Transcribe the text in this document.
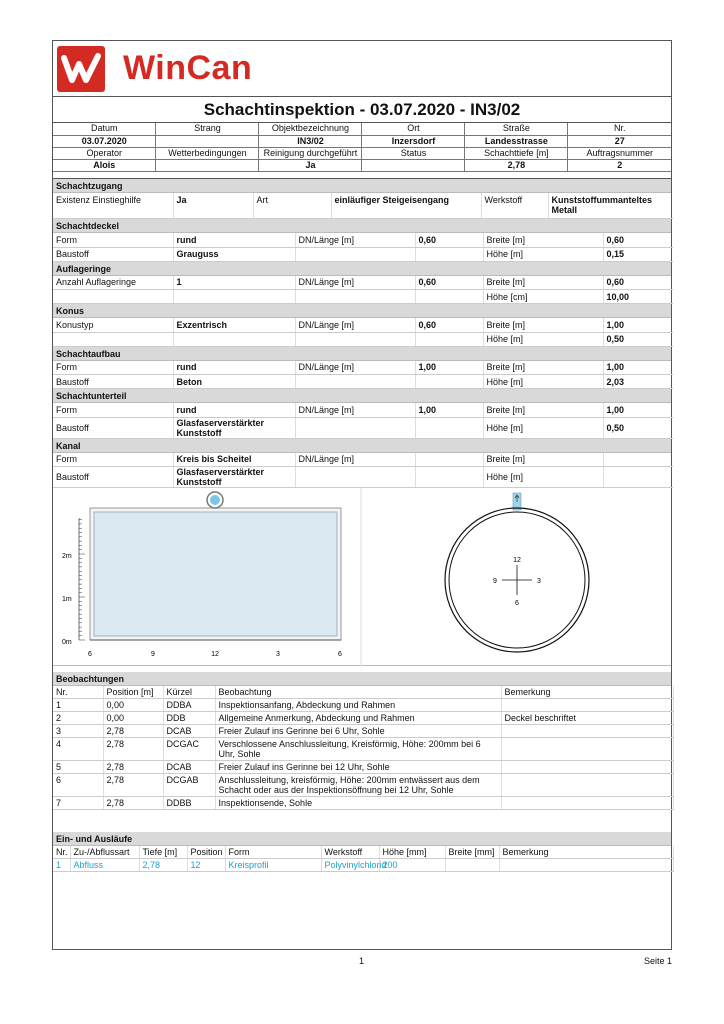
WinCan
Schachtinspektion - 03.07.2020 - IN3/02
Datum	Strang	Objektbezeichnung	Ort	Straße	Nr.
03.07.2020		IN3/02	Inzersdorf	Landesstrasse	27
Operator	Wetterbedingungen	Reinigung durchgeführt	Status	Schachttiefe [m]	Auftragsnummer
Alois		Ja		2,78	2
Schachtzugang
Existenz Einstieghilfe	Ja	Art	einläufiger Steigeisengang	Werkstoff	Kunststoffummanteltes Metall
Schachtdeckel
Form	rund	DN/Länge [m]	0,60	Breite [m]	0,60
Baustoff	Grauguss			Höhe [m]	0,15
Auflageringe
Anzahl Auflageringe	1	DN/Länge [m]	0,60	Breite [m]	0,60
				Höhe [cm]	10,00
Konus
Konustyp	Exzentrisch	DN/Länge [m]	0,60	Breite [m]	1,00
				Höhe [m]	0,50
Schachtaufbau
Form	rund	DN/Länge [m]	1,00	Breite [m]	1,00
Baustoff	Beton			Höhe [m]	2,03
Schachtunterteil
Form	rund	DN/Länge [m]	1,00	Breite [m]	1,00
Baustoff	Glasfaserverstärkter Kunststoff			Höhe [m]	0,50
Kanal
Form	Kreis bis Scheitel	DN/Länge [m]		Breite [m]	
Baustoff	Glasfaserverstärkter Kunststoff			Höhe [m]	
2m
1m
0m
6	9	12	3	6
12
3
6
9
Beobachtungen
Nr.	Position [m]	Kürzel	Beobachtung	Bemerkung
1	0,00	DDBA	Inspektionsanfang, Abdeckung und Rahmen	
2	0,00	DDB	Allgemeine Anmerkung, Abdeckung und Rahmen	Deckel beschriftet
3	2,78	DCAB	Freier Zulauf ins Gerinne bei 6 Uhr, Sohle	
4	2,78	DCGAC	Verschlossene Anschlussleitung, Kreisförmig, Höhe: 200mm bei 6 Uhr, Sohle	
5	2,78	DCAB	Freier Zulauf ins Gerinne bei 12 Uhr, Sohle	
6	2,78	DCGAB	Anschlussleitung, kreisförmig, Höhe: 200mm entwässert aus dem Schacht oder aus der Inspektionsöffnung bei 12 Uhr, Sohle	
7	2,78	DDBB	Inspektionsende, Sohle	
Ein- und Ausläufe
Nr.	Zu-/Abflussart	Tiefe [m]	Position	Form	Werkstoff	Höhe [mm]	Breite [mm]	Bemerkung
1	Abfluss	2,78	12	Kreisprofil	Polyvinylchlorid	200		
1	Seite 1
